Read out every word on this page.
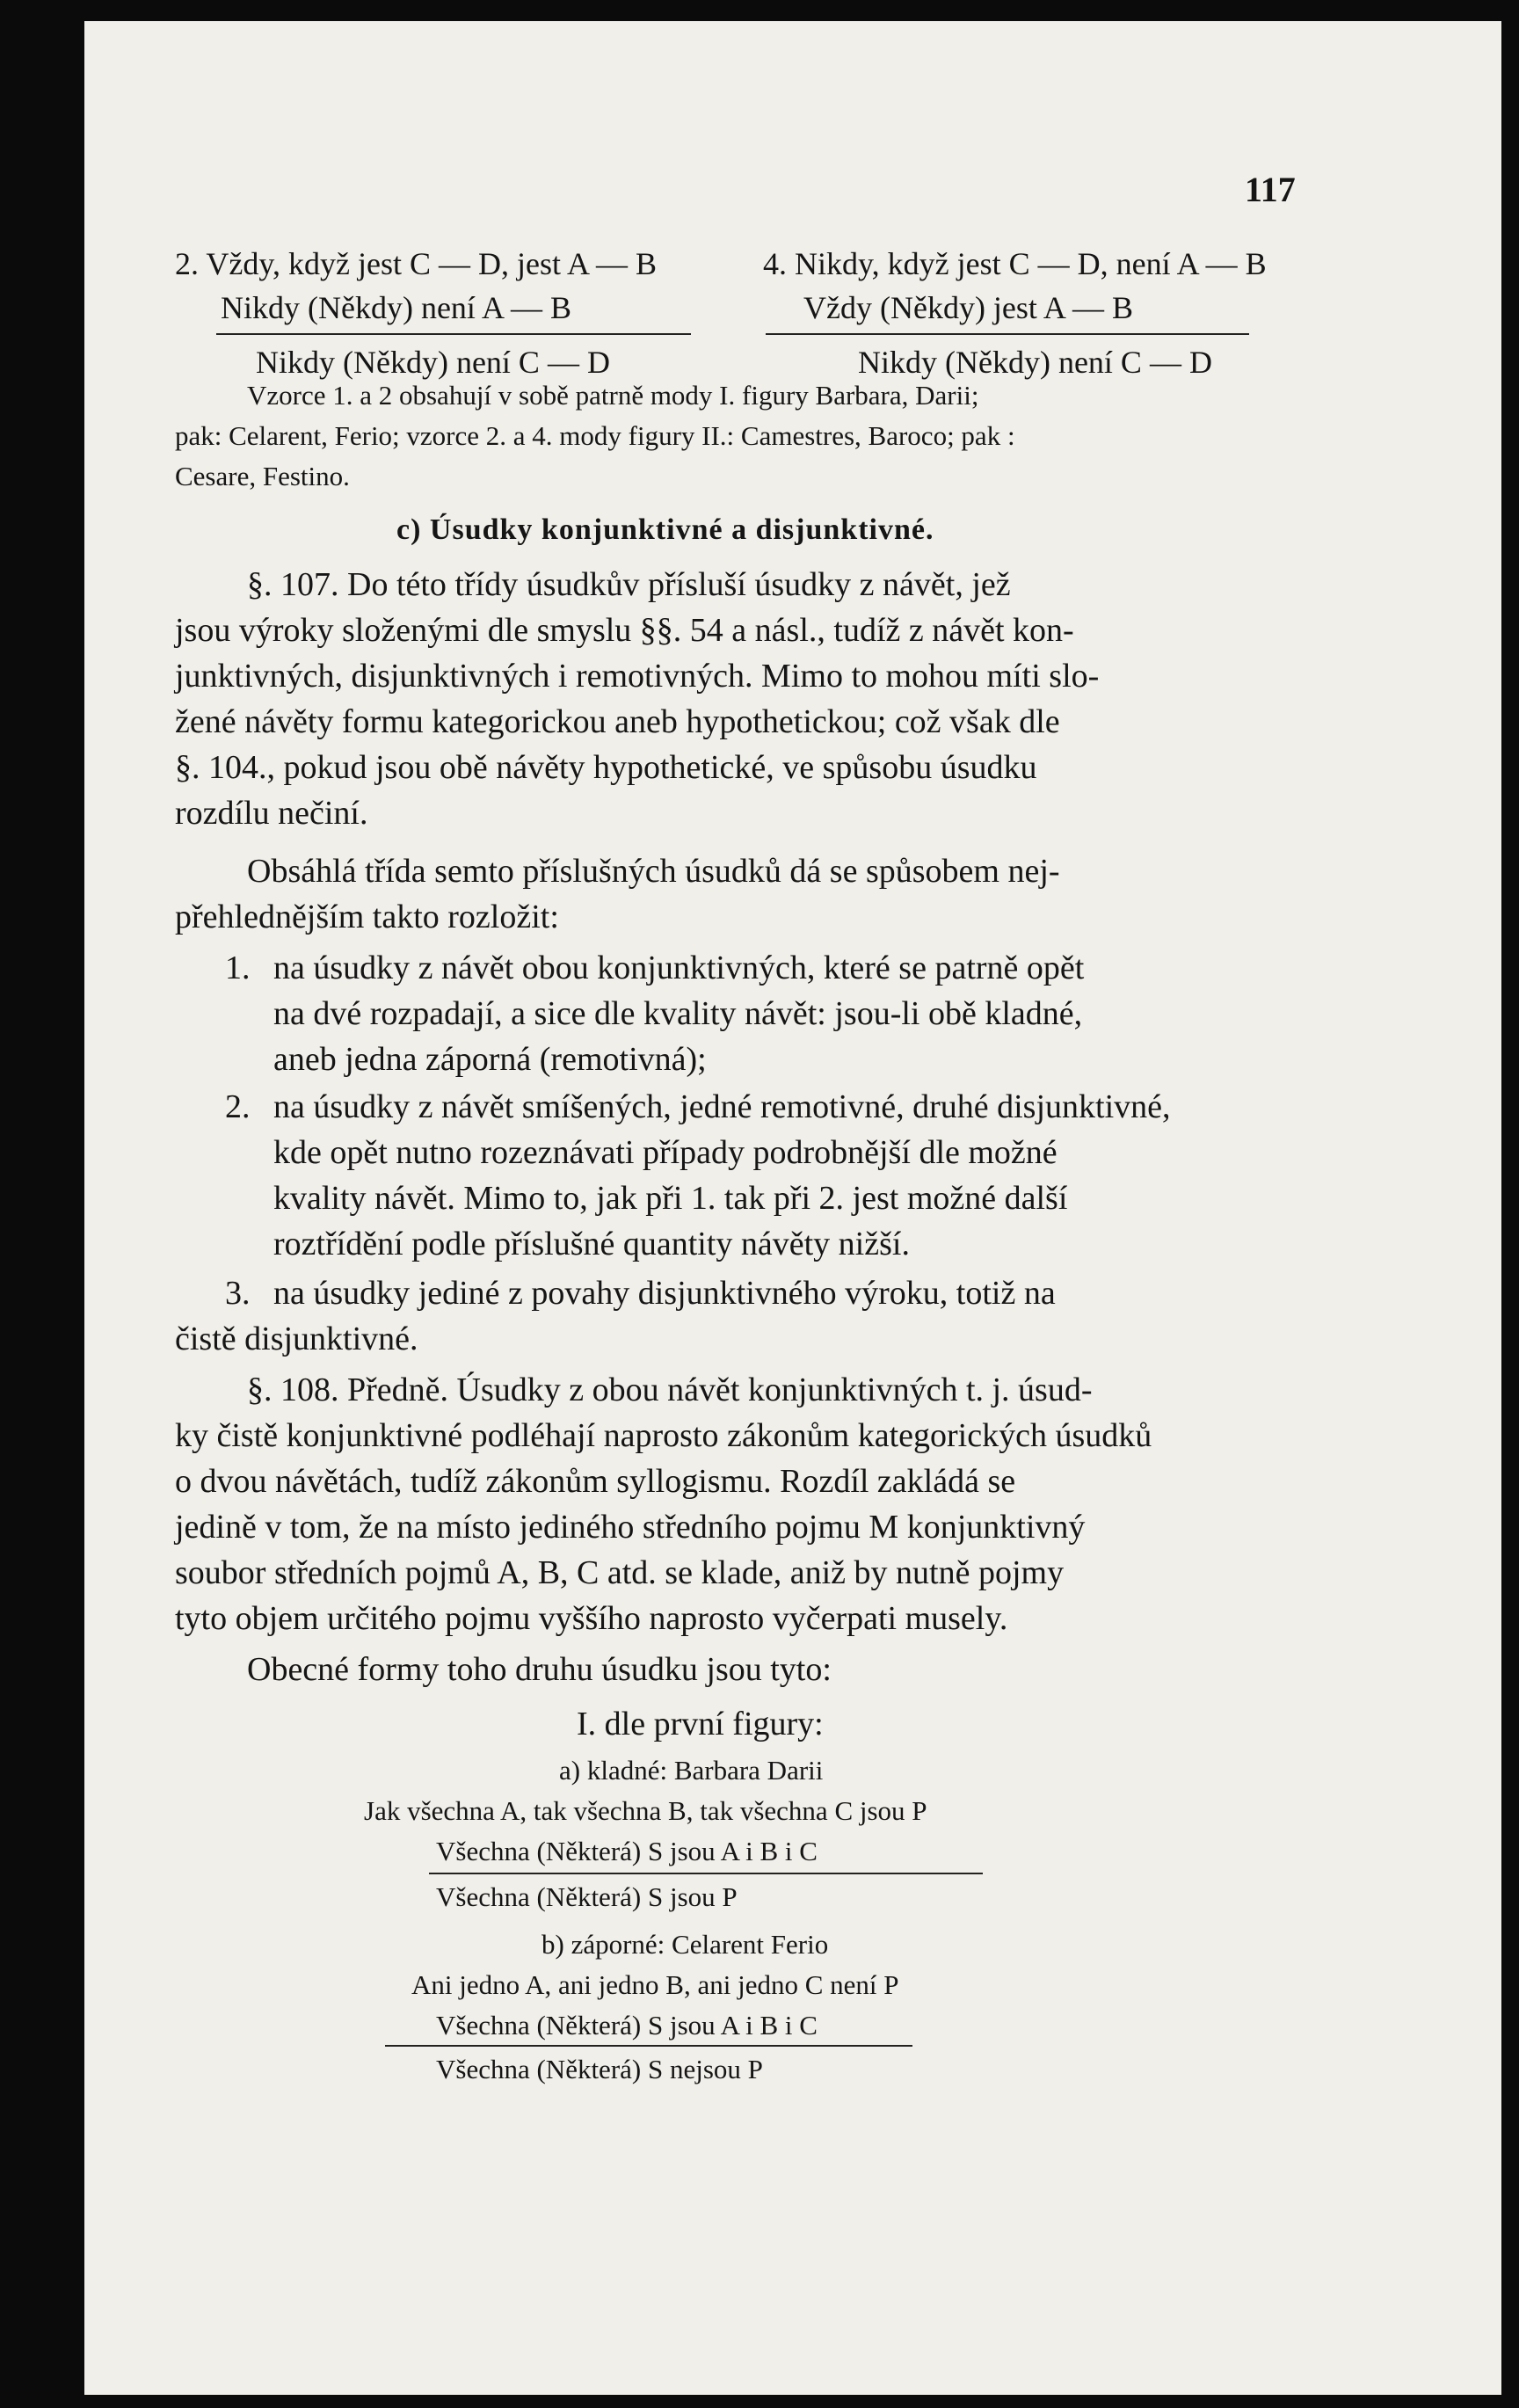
117
2. Vždy, když jest C — D, jest A — B
Nikdy (Někdy) není A — B
Nikdy (Někdy) není C — D
4. Nikdy, když jest C — D, není A — B
Vždy (Někdy) jest A — B
Nikdy (Někdy) není C — D
Vzorce 1. a 2 obsahují v sobě patrně mody I. figury Barbara, Darii;
pak: Celarent, Ferio; vzorce 2. a 4. mody figury II.: Camestres, Baroco; pak :
Cesare, Festino.
c) Úsudky konjunktivné a disjunktivné.
§. 107. Do této třídy úsudkův přísluší úsudky z návět, jež
jsou výroky složenými dle smyslu §§. 54 a násl., tudíž z návět kon-
junktivných, disjunktivných i remotivných. Mimo to mohou míti slo-
žené návěty formu kategorickou aneb hypothetickou; což však dle
§. 104., pokud jsou obě návěty hypothetické, ve spůsobu úsudku
rozdílu nečiní.
Obsáhlá třída semto příslušných úsudků dá se spůsobem nej-
přehlednějším takto rozložit:
1. na úsudky z návět obou konjunktivných, které se patrně opět
na dvé rozpadají, a sice dle kvality návět: jsou-li obě kladné,
aneb jedna záporná (remotivná);
2. na úsudky z návět smíšených, jedné remotivné, druhé disjunktivné,
kde opět nutno rozeznávati případy podrobnější dle možné
kvality návět. Mimo to, jak při 1. tak při 2. jest možné další
roztřídění podle příslušné quantity návěty nižší.
3. na úsudky jediné z povahy disjunktivného výroku, totiž na
čistě disjunktivné.
§. 108. Předně. Úsudky z obou návět konjunktivných t. j. úsud-
ky čistě konjunktivné podléhají naprosto zákonům kategorických úsudků
o dvou návětách, tudíž zákonům syllogismu. Rozdíl zakládá se
jedině v tom, že na místo jediného středního pojmu M konjunktivný
soubor středních pojmů A, B, C atd. se klade, aniž by nutně pojmy
tyto objem určitého pojmu vyššího naprosto vyčerpati musely.
Obecné formy toho druhu úsudku jsou tyto:
I. dle první figury:
a) kladné: Barbara Darii
Jak všechna A, tak všechna B, tak všechna C jsou P
Všechna (Některá) S jsou A i B i C
Všechna (Některá) S jsou P
b) záporné: Celarent Ferio
Ani jedno A, ani jedno B, ani jedno C není P
Všechna (Některá) S jsou A i B i C
Všechna (Některá) S nejsou P
